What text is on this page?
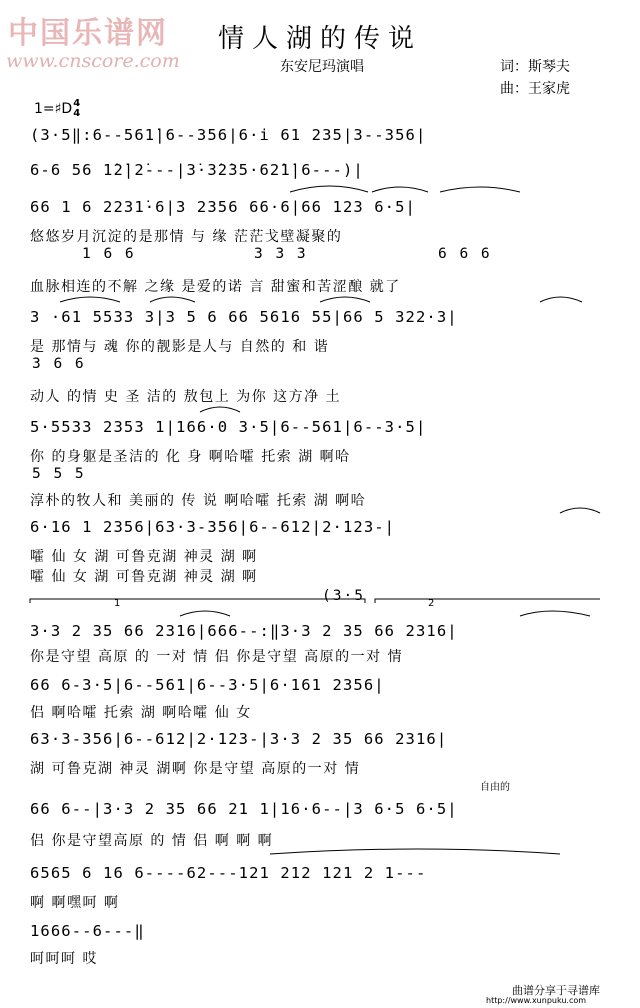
中国乐谱网
www.cnscore.com
情人湖的传说
东安尼玛演唱	词：斯琴夫
曲：王家虎
1=♯D4
4
(3·5‖:6--561̇|6--356|6·i 61 235|3--356|
6-6 56 1̇2̇|2̇---|3̇·3̇2̇35·62̇1̇|6---)|
66 1 6 2231̇·6|3 2356 66·6|66 123 6·5|
悠悠岁月沉淀的是那情 与 缘 茫茫戈壁凝聚的
1 6 6	3 3 3	6 6 6
血脉相连的不解 之缘 是爱的诺 言 甜蜜和苦涩酿 就了
3 ·61 5533 3|3 5 6 66 5616 55|66 5 322·3|
是 那情与 魂 你的靓影是人与 自然的 和 谐
3 6 6
动人 的情 史 圣 洁的 敖包上 为你 这方净 土
5·5533 2353 1|166·0 3·5|6--561|6--3·5|
你 的身躯是圣洁的 化 身 啊哈嚯 托索 湖 啊哈
5 5 5
淳朴的牧人和 美丽的 传 说 啊哈嚯 托索 湖 啊哈
6·16 1 2356|63·3-356|6--612|2·123-|
嚯 仙 女 湖 可鲁克湖 神灵 湖 啊
嚯 仙 女 湖 可鲁克湖 神灵 湖 啊
(3·5
1	2
3·3 2 35 66 2316|666--:‖3·3 2 35 66 2316|
你是守望 高原 的 一对 情 侣 你是守望 高原的一对 情
66 6-3·5|6--561|6--3·5|6·161 2356|
侣 啊哈嚯 托索 湖 啊哈嚯 仙 女
63·3-356|6--612|2·123-|3·3 2 35 66 2316|
湖 可鲁克湖 神灵 湖啊 你是守望 高原的一对 情
自由的
66 6--|3·3 2 35 66 21 1|16·6--|3 6·5 6·5|
侣 你是守望高原 的 情 侣 啊 啊 啊
6565 6 16 6----62---121 212 121 2 1---
啊 啊嘿呵 啊
1666--6---‖
呵呵呵 哎
曲谱分享于寻谱库
http://www.xunpuku.com
